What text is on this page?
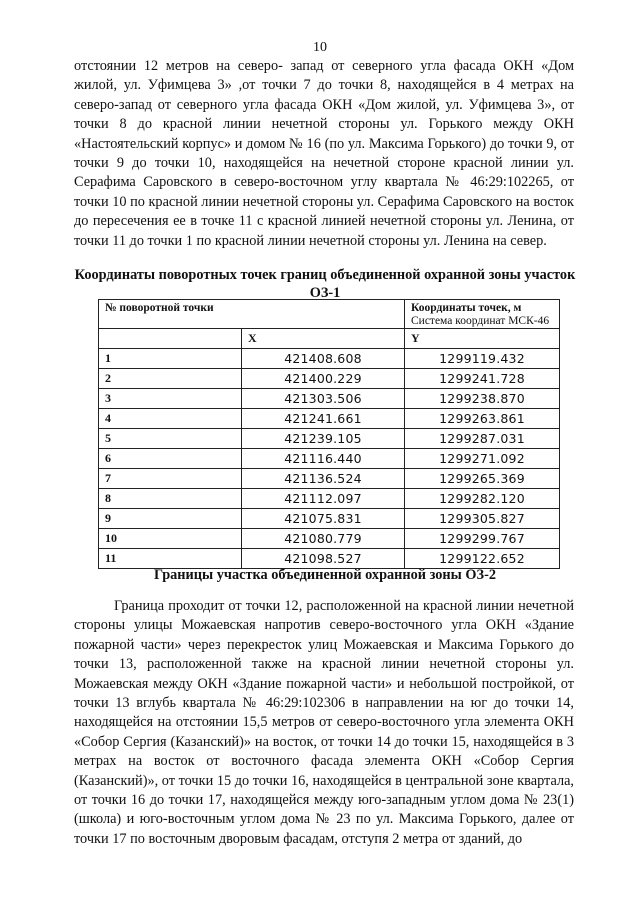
10
отстоянии 12 метров на северо- запад от северного угла фасада ОКН «Дом жилой, ул. Уфимцева 3» ,от точки 7 до точки 8, находящейся в 4 метрах на северо-запад от северного угла фасада ОКН «Дом жилой, ул. Уфимцева 3», от точки 8 до красной линии нечетной стороны ул. Горького между ОКН «Настоятельский корпус» и домом № 16 (по ул. Максима Горького) до точки 9, от точки 9 до точки 10, находящейся на нечетной стороне красной линии ул. Серафима Саровского в северо-восточном углу квартала № 46:29:102265, от точки 10 по красной линии нечетной стороны ул. Серафима Саровского на восток до пересечения ее в точке 11 с красной линией нечетной стороны ул. Ленина, от точки 11 до точки 1 по красной линии нечетной стороны ул. Ленина на север.
Координаты поворотных точек границ объединенной охранной зоны участок ОЗ-1
№ поворотной точки		Координаты точек, м
Система координат МСК-46

	X	Y
1	421408.608	1299119.432
2	421400.229	1299241.728
3	421303.506	1299238.870
4	421241.661	1299263.861
5	421239.105	1299287.031
6	421116.440	1299271.092
7	421136.524	1299265.369
8	421112.097	1299282.120
9	421075.831	1299305.827
10	421080.779	1299299.767
11	421098.527	1299122.652
Границы участка объединенной охранной зоны ОЗ-2
Граница проходит от точки 12, расположенной на красной линии нечетной стороны улицы Можаевская напротив северо-восточного угла ОКН «Здание пожарной части» через перекресток улиц Можаевская и Максима Горького до точки 13, расположенной также на красной линии нечетной стороны ул. Можаевская между ОКН «Здание пожарной части» и небольшой постройкой, от точки 13 вглубь квартала № 46:29:102306 в направлении на юг до точки 14, находящейся на отстоянии 15,5 метров от северо-восточного угла элемента ОКН «Собор Сергия (Казанский)» на восток, от точки 14 до точки 15, находящейся в 3 метрах на восток от восточного фасада элемента ОКН «Собор Сергия (Казанский)», от точки 15 до точки 16, находящейся в центральной зоне квартала, от точки 16 до точки 17, находящейся между юго-западным углом дома № 23(1) (школа) и юго-восточным углом дома № 23 по ул. Максима Горького, далее от точки 17 по восточным дворовым фасадам, отступя 2 метра от зданий, до
